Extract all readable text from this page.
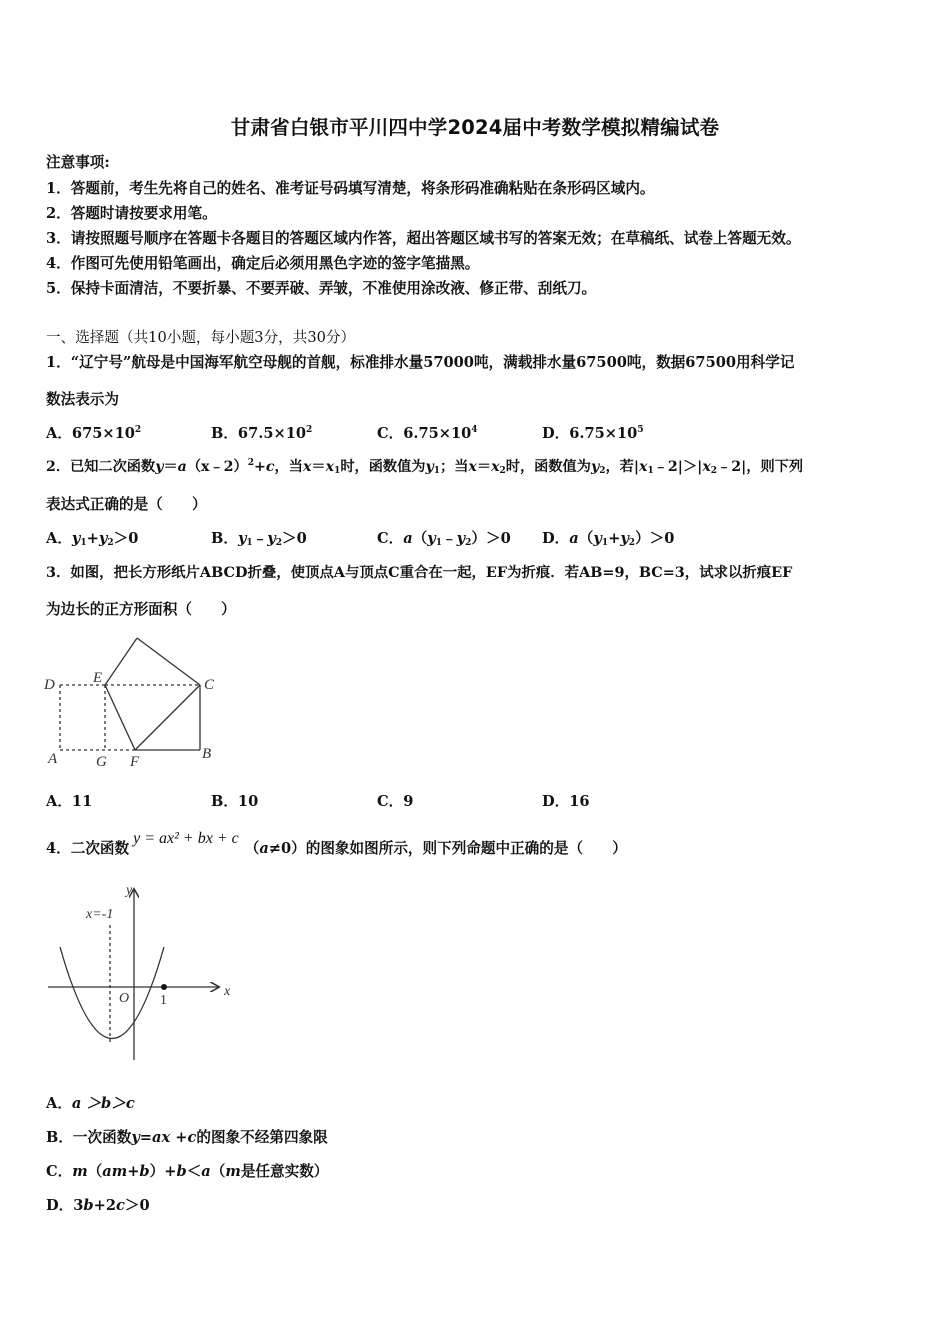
甘肃省白银市平川四中学2024届中考数学模拟精编试卷
注意事项:
1．答题前，考生先将自己的姓名、准考证号码填写清楚，将条形码准确粘贴在条形码区域内。
2．答题时请按要求用笔。
3．请按照题号顺序在答题卡各题目的答题区域内作答，超出答题区域书写的答案无效；在草稿纸、试卷上答题无效。
4．作图可先使用铅笔画出，确定后必须用黑色字迹的签字笔描黑。
5．保持卡面清洁，不要折暴、不要弄破、弄皱，不准使用涂改液、修正带、刮纸刀。
一、选择题（共10小题，每小题3分，共30分）
1．“辽宁号”航母是中国海军航空母舰的首舰，标准排水量57000吨，满载排水量67500吨，数据67500用科学记
数法表示为
A．$675\times 10^2$	B．$67.5\times 10^2$	C．$6.75\times 10^4$	D．$6.75\times 10^5$
2．已知二次函数y＝a（x﹣2）$^2$+c，当$x=x_1$时，函数值为$y_1$；当$x=x_2$时，函数值为$y_2$，若$|x_1﹣2|>|x_2﹣2|$，则下列
表达式正确的是（　　）
A．$y_1+y_2>0$	B．$y_1﹣y_2>0$	C．$a(y_1﹣y_2)>0$ D．$a(y_1+y_2)>0$
3．如图，把长方形纸片ABCD折叠，使顶点A与顶点C重合在一起，EF为折痕．若AB=9，BC=3，试求以折痕EF
为边长的正方形面积（　　）
D	E	C
A	G F	B
A．11	B．10	C．9	D．16
4．二次函数y = ax² + bx + c（a≠0）的图象如图所示，则下列命题中正确的是（　　）
y
x
x=-1
O 1
A．a ＞b＞c
B．一次函数y=ax +c的图象不经第四象限
C．m（am+b）+b＜a（m是任意实数）
D．3b+2c＞0
